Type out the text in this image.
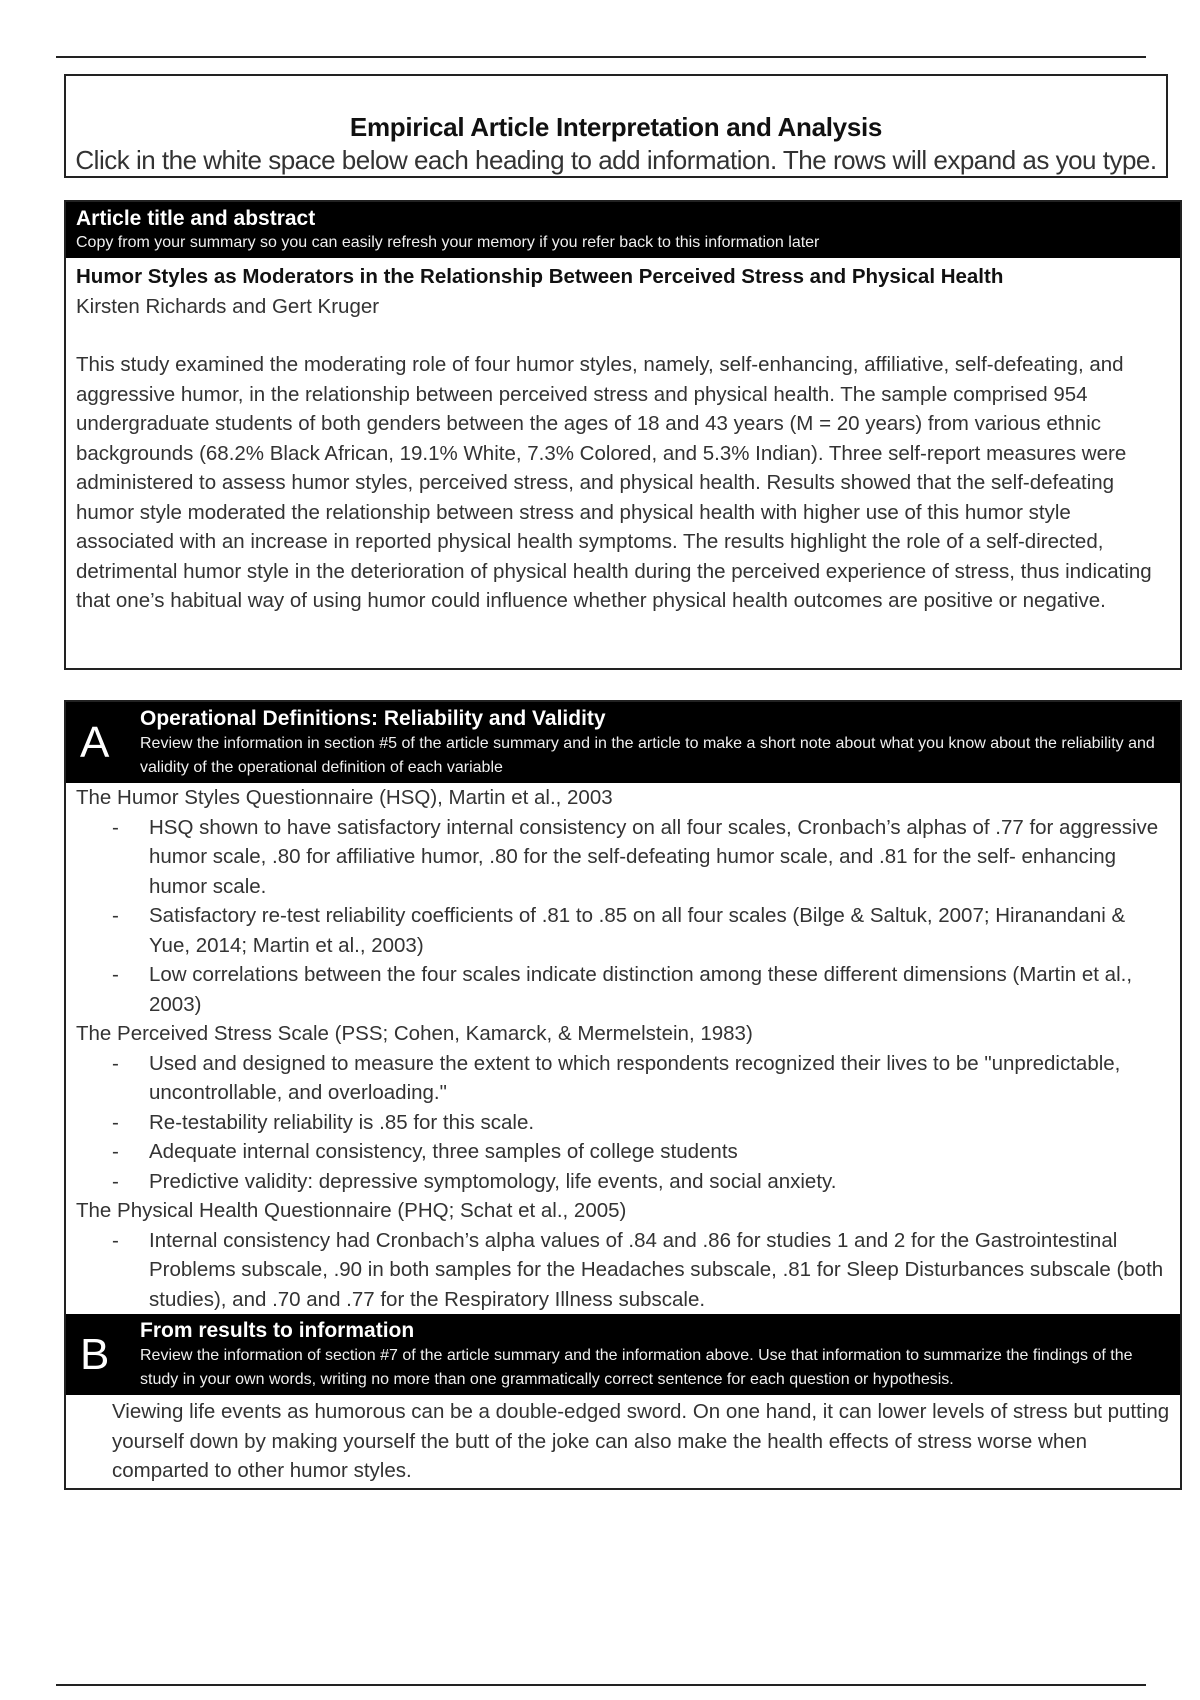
Empirical Article Interpretation and Analysis
Click in the white space below each heading to add information. The rows will expand as you type.
Article title and abstract
Copy from your summary so you can easily refresh your memory if you refer back to this information later
Humor Styles as Moderators in the Relationship Between Perceived Stress and Physical Health
Kirsten Richards and Gert Kruger
This study examined the moderating role of four humor styles, namely, self-enhancing, affiliative, self-defeating, and aggressive humor, in the relationship between perceived stress and physical health. The sample comprised 954 undergraduate students of both genders between the ages of 18 and 43 years (M = 20 years) from various ethnic backgrounds (68.2% Black African, 19.1% White, 7.3% Colored, and 5.3% Indian). Three self-report measures were administered to assess humor styles, perceived stress, and physical health. Results showed that the self-defeating humor style moderated the relationship between stress and physical health with higher use of this humor style associated with an increase in reported physical health symptoms. The results highlight the role of a self-directed, detrimental humor style in the deterioration of physical health during the perceived experience of stress, thus indicating that one’s habitual way of using humor could influence whether physical health outcomes are positive or negative.
A Operational Definitions: Reliability and Validity
Review the information in section #5 of the article summary and in the article to make a short note about what you know about the reliability and validity of the operational definition of each variable
The Humor Styles Questionnaire (HSQ), Martin et al., 2003
- HSQ shown to have satisfactory internal consistency on all four scales, Cronbach’s alphas of .77 for aggressive humor scale, .80 for affiliative humor, .80 for the self-defeating humor scale, and .81 for the self- enhancing humor scale.
- Satisfactory re-test reliability coefficients of .81 to .85 on all four scales (Bilge & Saltuk, 2007; Hiranandani & Yue, 2014; Martin et al., 2003)
- Low correlations between the four scales indicate distinction among these different dimensions (Martin et al., 2003)
The Perceived Stress Scale (PSS; Cohen, Kamarck, & Mermelstein, 1983)
- Used and designed to measure the extent to which respondents recognized their lives to be "unpredictable, uncontrollable, and overloading."
- Re-testability reliability is .85 for this scale.
- Adequate internal consistency, three samples of college students
- Predictive validity: depressive symptomology, life events, and social anxiety.
The Physical Health Questionnaire (PHQ; Schat et al., 2005)
- Internal consistency had Cronbach’s alpha values of .84 and .86 for studies 1 and 2 for the Gastrointestinal Problems subscale, .90 in both samples for the Headaches subscale, .81 for Sleep Disturbances subscale (both studies), and .70 and .77 for the Respiratory Illness subscale.
B From results to information
Review the information of section #7 of the article summary and the information above. Use that information to summarize the findings of the study in your own words, writing no more than one grammatically correct sentence for each question or hypothesis.
Viewing life events as humorous can be a double-edged sword. On one hand, it can lower levels of stress but putting yourself down by making yourself the butt of the joke can also make the health effects of stress worse when comparted to other humor styles.
